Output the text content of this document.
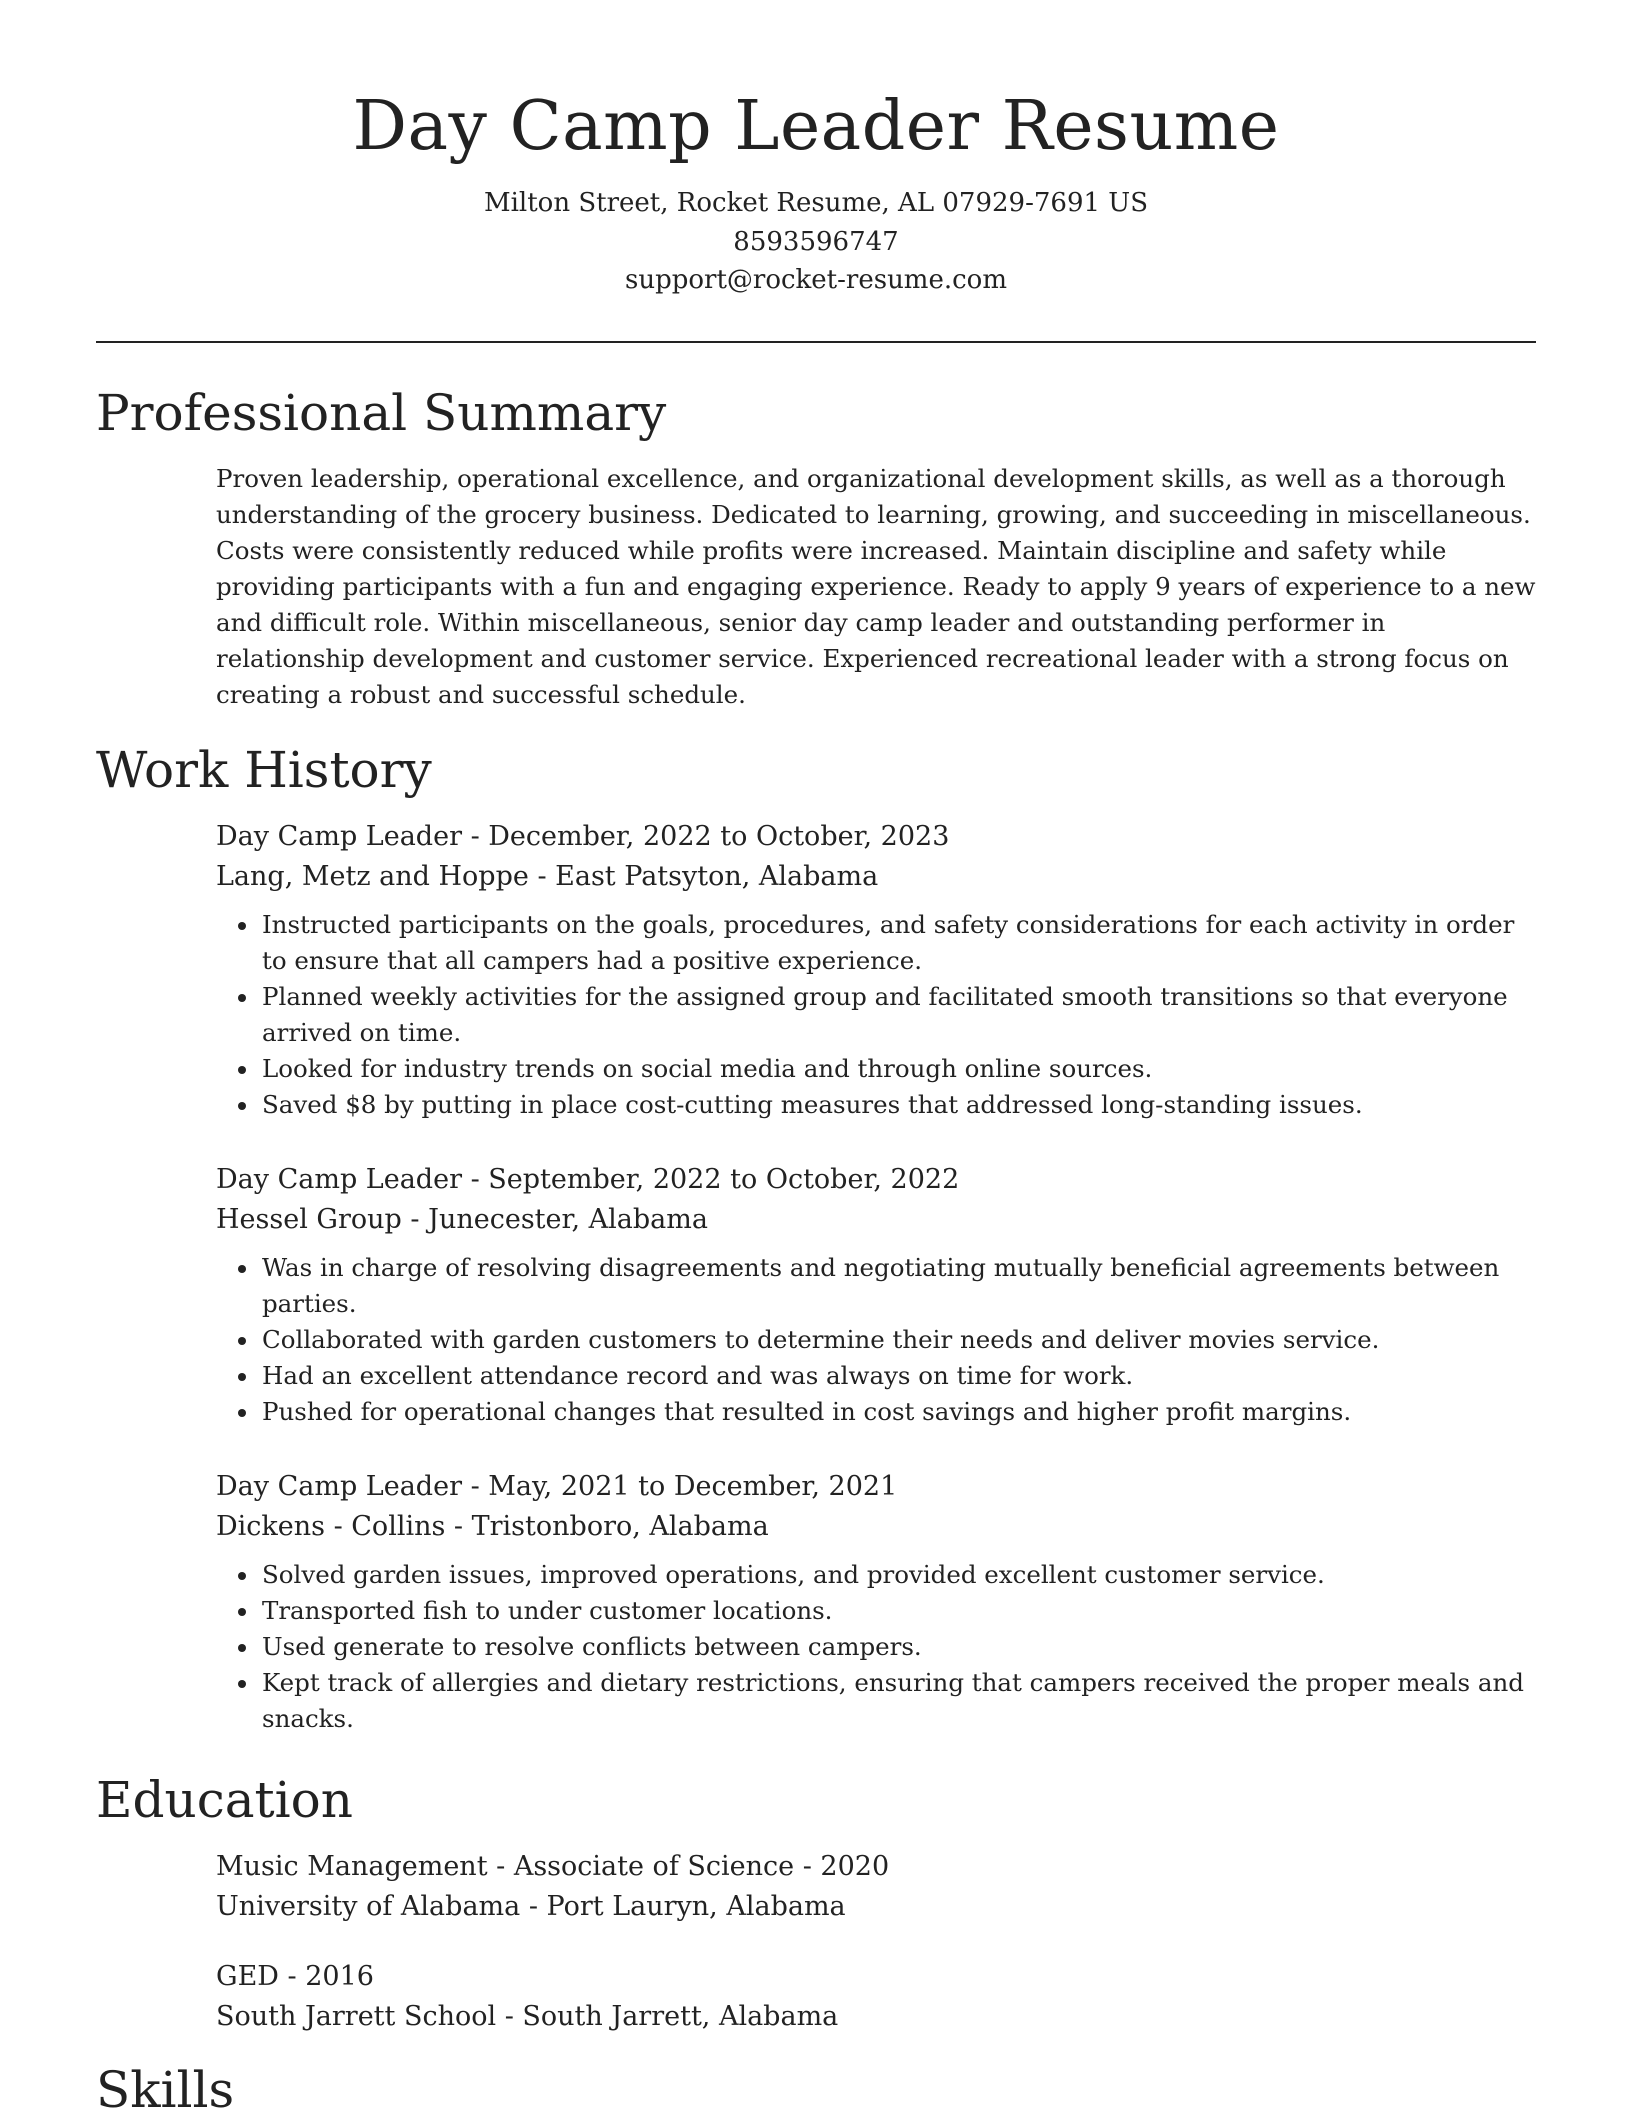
Day Camp Leader Resume
Milton Street, Rocket Resume, AL 07929-7691 US
8593596747
support@rocket-resume.com
Professional Summary

Proven leadership, operational excellence, and organizational development skills, as well as a thorough understanding of the grocery business. Dedicated to learning, growing, and succeeding in miscellaneous. Costs were consistently reduced while profits were increased. Maintain discipline and safety while providing participants with a fun and engaging experience. Ready to apply 9 years of experience to a new and difficult role. Within miscellaneous, senior day camp leader and outstanding performer in relationship development and customer service. Experienced recreational leader with a strong focus on creating a robust and successful schedule.

Work History
Day Camp Leader - December, 2022 to October, 2023
Lang, Metz and Hoppe - East Patsyton, Alabama
• Instructed participants on the goals, procedures, and safety considerations for each activity in order to ensure that all campers had a positive experience.
• Planned weekly activities for the assigned group and facilitated smooth transitions so that everyone arrived on time.
• Looked for industry trends on social media and through online sources.
• Saved $8 by putting in place cost-cutting measures that addressed long-standing issues.
Day Camp Leader - September, 2022 to October, 2022
Hessel Group - Junecester, Alabama
• Was in charge of resolving disagreements and negotiating mutually beneficial agreements between parties.
• Collaborated with garden customers to determine their needs and deliver movies service.
• Had an excellent attendance record and was always on time for work.
• Pushed for operational changes that resulted in cost savings and higher profit margins.
Day Camp Leader - May, 2021 to December, 2021
Dickens - Collins - Tristonboro, Alabama
• Solved garden issues, improved operations, and provided excellent customer service.
• Transported fish to under customer locations.
• Used generate to resolve conflicts between campers.
• Kept track of allergies and dietary restrictions, ensuring that campers received the proper meals and snacks.
Education
Music Management - Associate of Science - 2020
University of Alabama - Port Lauryn, Alabama
GED - 2016
South Jarrett School - South Jarrett, Alabama
Skills
